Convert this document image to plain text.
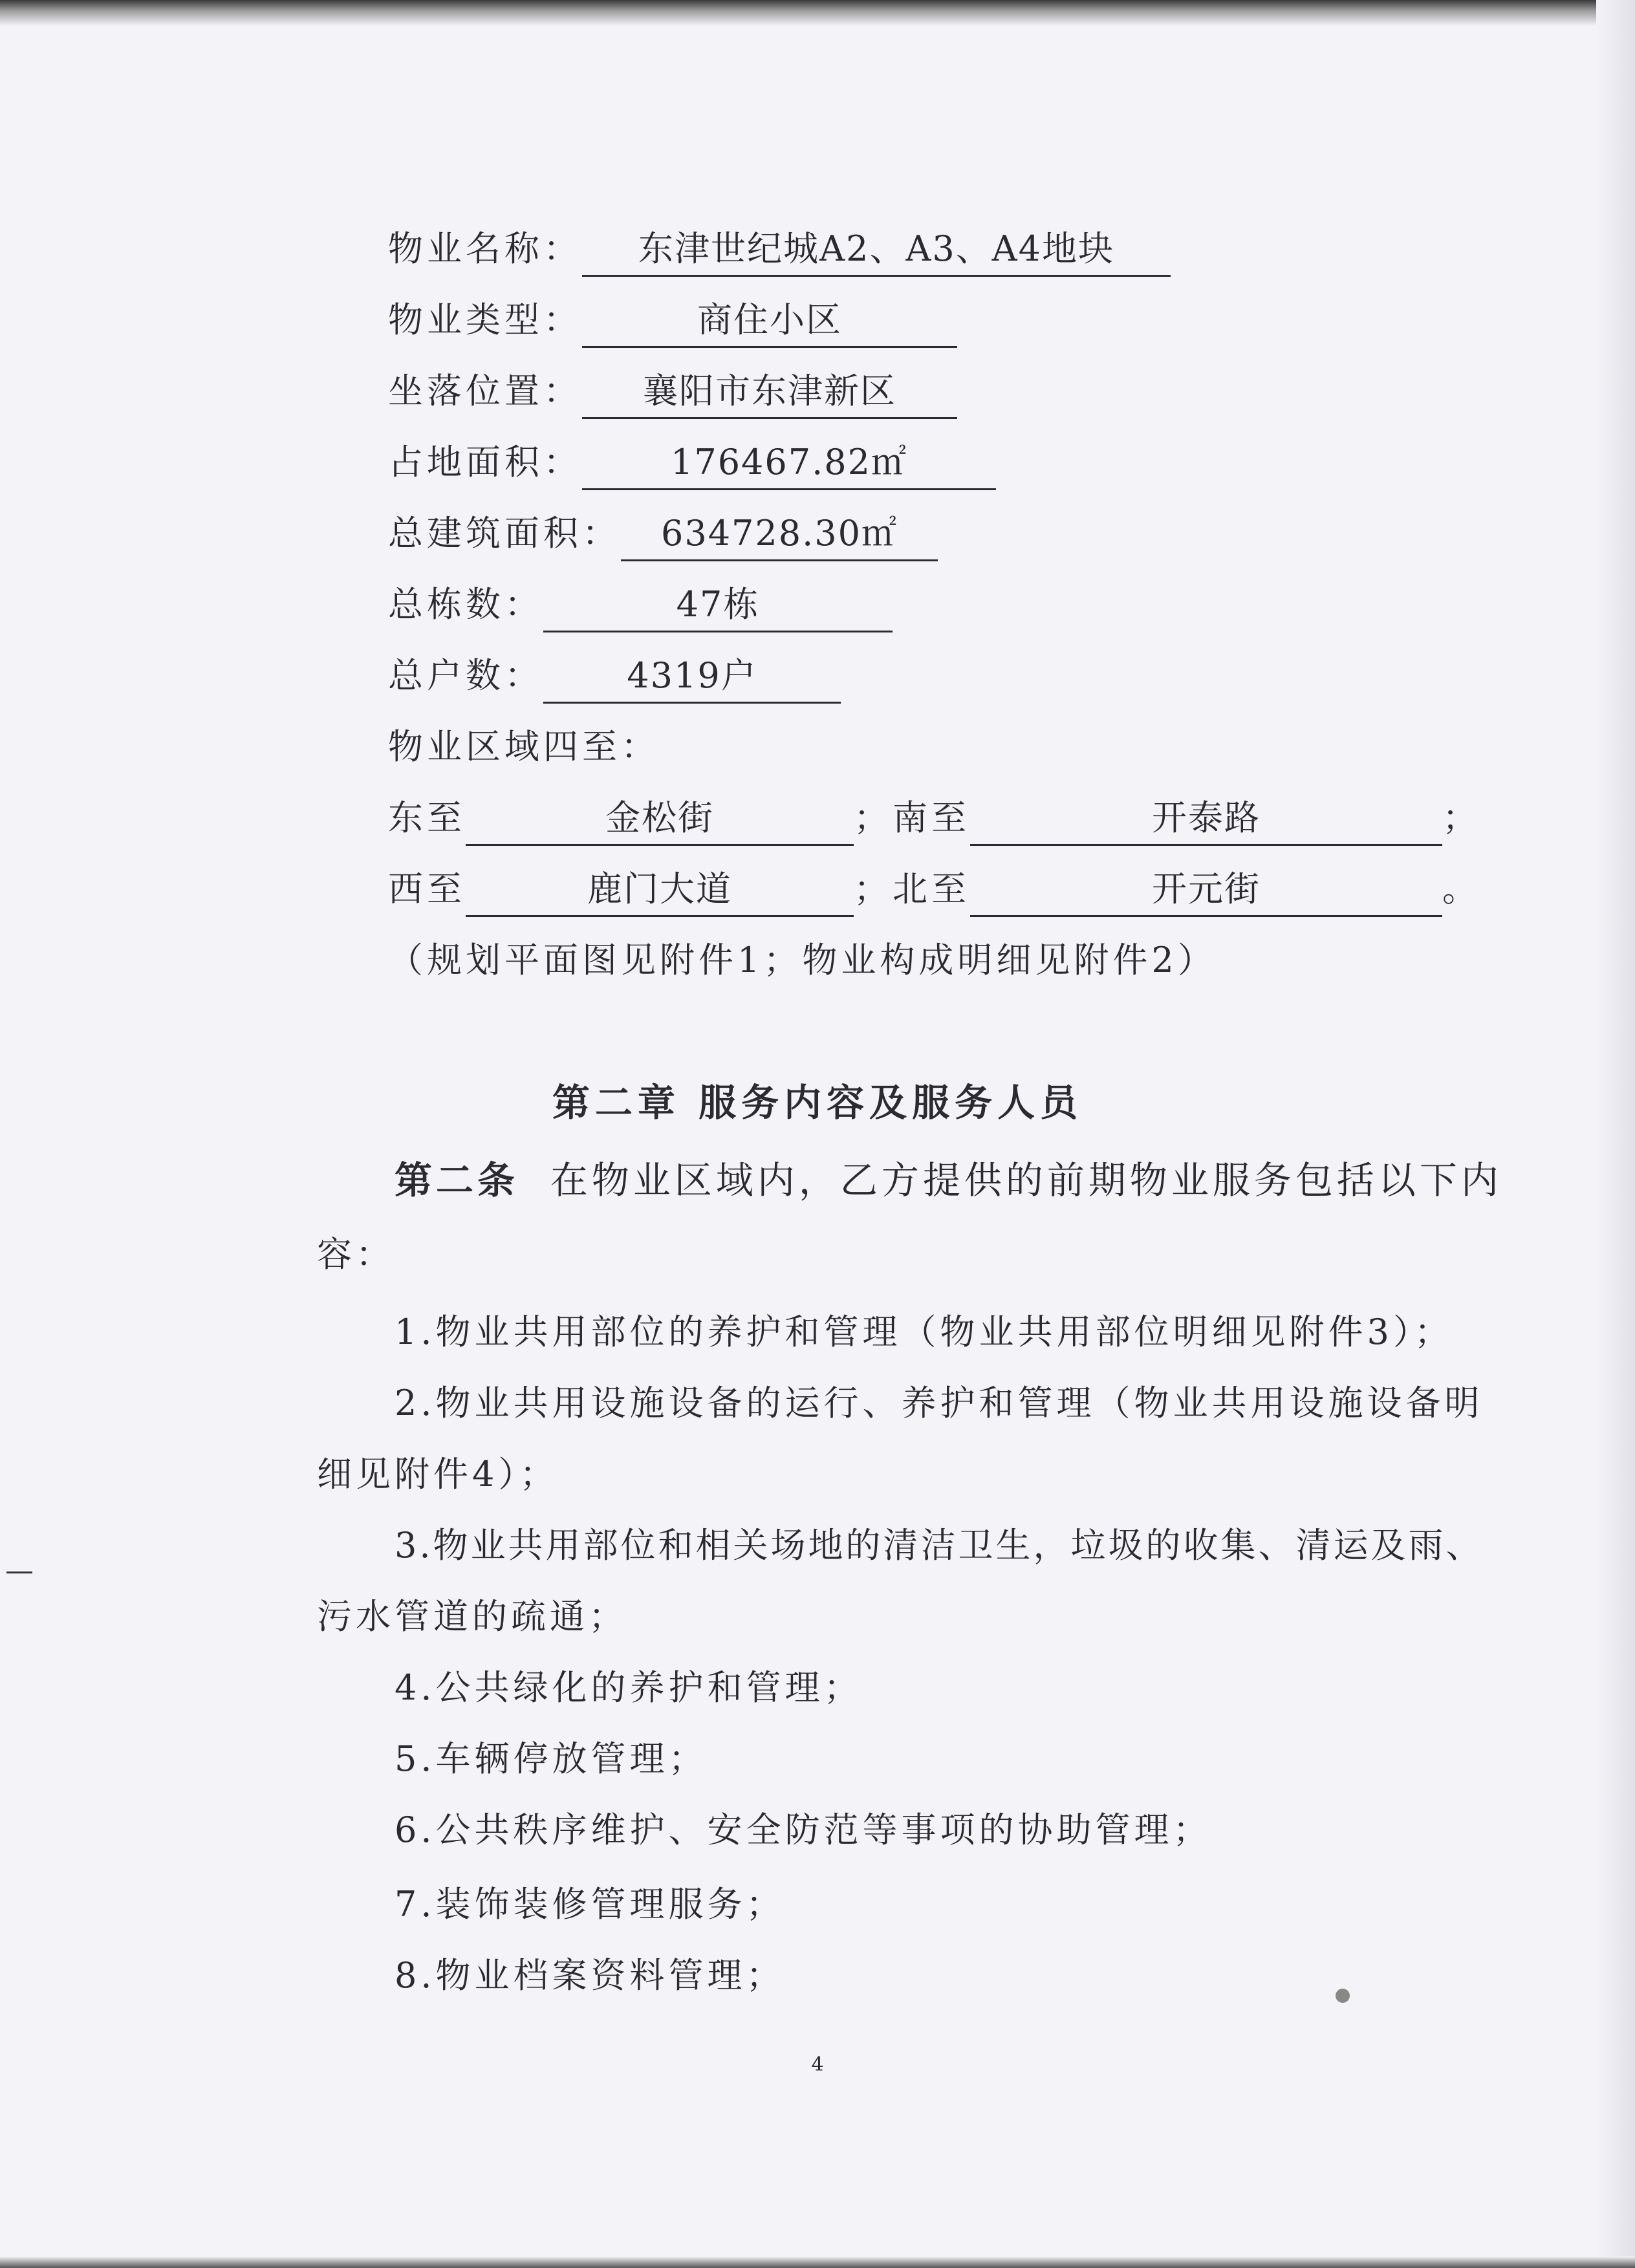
物业名称： 东津世纪城A2、A3、A4地块
物业类型：	商住小区
坐落位置： 襄阳市东津新区
占地面积：	176467.82㎡
总建筑面积： 634728.30㎡
总栋数：	47栋
总户数： 4319户
物业区域四至：
东至	金松街	；南至	开泰路	；
西至	鹿门大道	；北至	开元街	。
（规划平面图见附件1；物业构成明细见附件2）
第二章 服务内容及服务人员
第二条 在物业区域内，乙方提供的前期物业服务包括以下内
容：
1.物业共用部位的养护和管理（物业共用部位明细见附件3）；
2.物业共用设施设备的运行、养护和管理（物业共用设施设备明
细见附件4）；
3.物业共用部位和相关场地的清洁卫生，垃圾的收集、清运及雨、
污水管道的疏通；
4.公共绿化的养护和管理；
5.车辆停放管理；
6.公共秩序维护、安全防范等事项的协助管理；
7.装饰装修管理服务；
8.物业档案资料管理；
4
